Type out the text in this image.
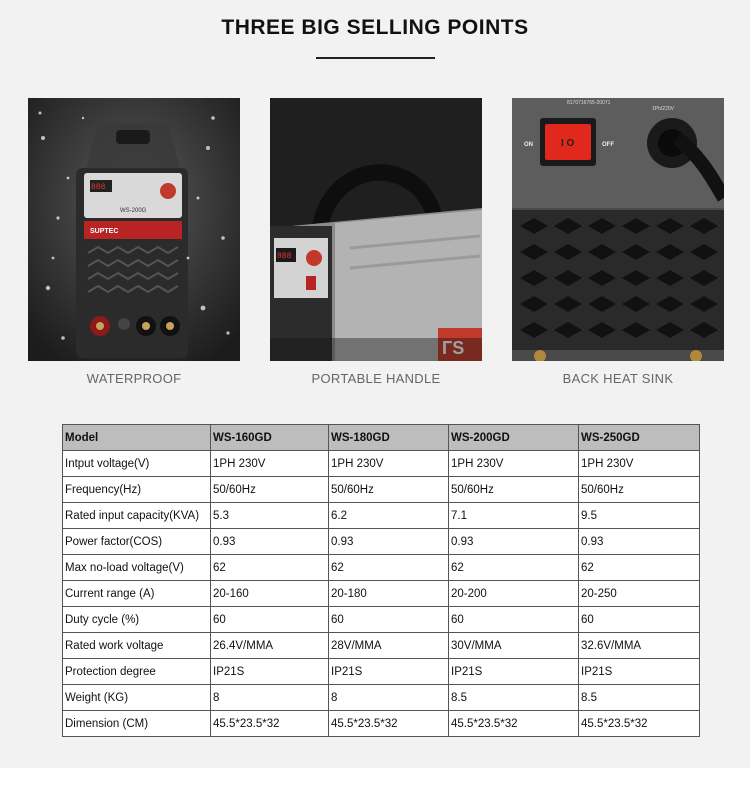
THREE BIG SELLING POINTS
888
WS-200G
SUPTEC
WATERPROOF
888
ГЅ
PORTABLE HANDLE
8170716765-20071
1Ph/220V
I O
ON	OFF
BACK HEAT SINK
Model	WS-160GD	WS-180GD	WS-200GD	WS-250GD
Intput voltage(V)	1PH 230V	1PH 230V	1PH 230V	1PH 230V
Frequency(Hz)	50/60Hz	50/60Hz	50/60Hz	50/60Hz
Rated input capacity(KVA)	5.3	6.2	7.1	9.5
Power factor(COS)	0.93	0.93	0.93	0.93
Max no-load voltage(V)	62	62	62	62
Current range (A)	20-160	20-180	20-200	20-250
Duty cycle (%)	60	60	60	60
Rated work voltage	26.4V/MMA	28V/MMA	30V/MMA	32.6V/MMA
Protection degree	IP21S	IP21S	IP21S	IP21S
Weight (KG)	8	8	8.5	8.5
Dimension (CM)	45.5*23.5*32	45.5*23.5*32	45.5*23.5*32	45.5*23.5*32
